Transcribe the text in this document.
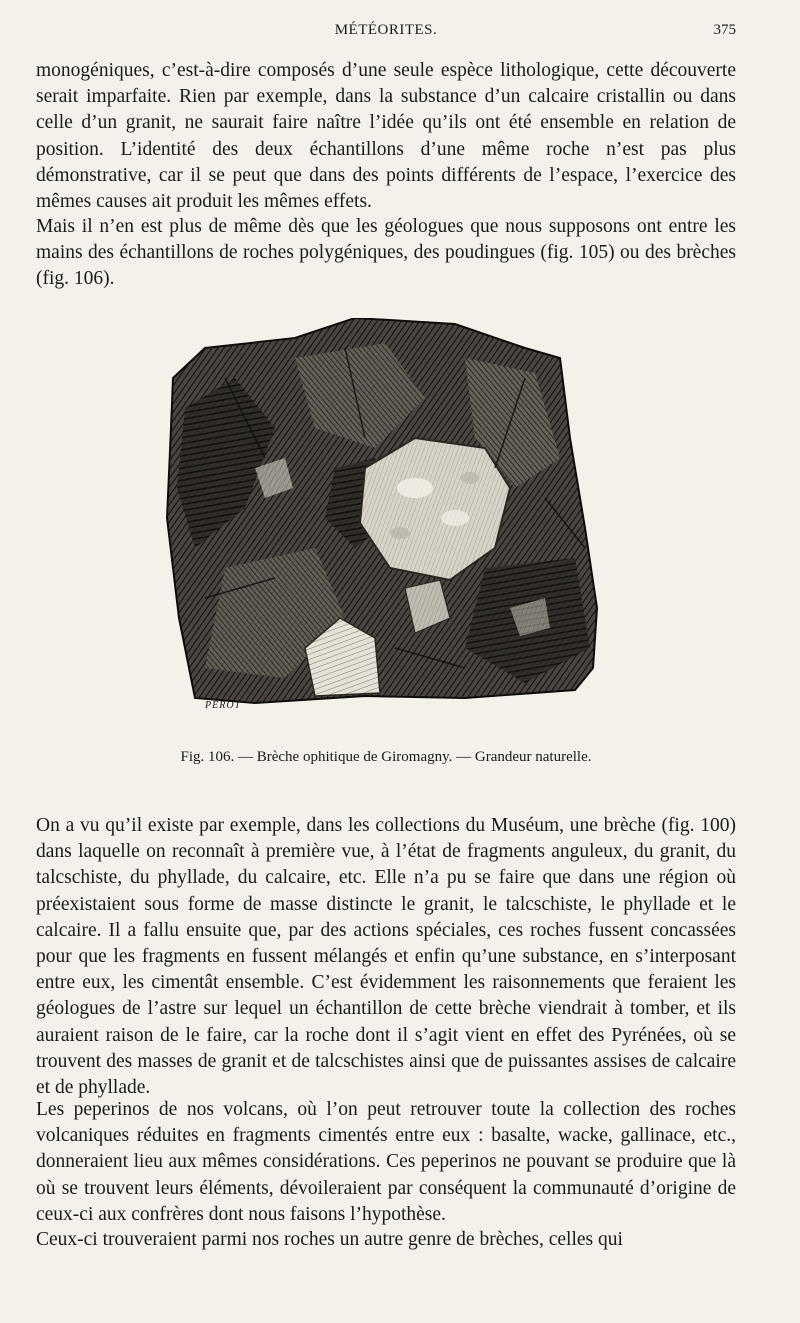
MÉTÉORITES.	375

monogéniques, c’est-à-dire composés d’une seule espèce lithologique, cette découverte serait imparfaite. Rien par exemple, dans la substance d’un calcaire cristallin ou dans celle d’un granit, ne saurait faire naître l’idée qu’ils ont été ensemble en relation de position. L’identité des deux échantillons d’une même roche n’est pas plus démonstrative, car il se peut que dans des points différents de l’espace, l’exercice des mêmes causes ait produit les mêmes effets.

Mais il n’en est plus de même dès que les géologues que nous supposons ont entre les mains des échantillons de roches polygéniques, des poudingues (fig. 105) ou des brèches (fig. 106).

PEROT
Fig. 106. — Brèche ophitique de Giromagny. — Grandeur naturelle.

On a vu qu’il existe par exemple, dans les collections du Muséum, une brèche (fig. 100) dans laquelle on reconnaît à première vue, à l’état de fragments anguleux, du granit, du talcschiste, du phyllade, du calcaire, etc. Elle n’a pu se faire que dans une région où préexistaient sous forme de masse distincte le granit, le talcschiste, le phyllade et le calcaire. Il a fallu ensuite que, par des actions spéciales, ces roches fussent concassées pour que les fragments en fussent mélangés et enfin qu’une substance, en s’interposant entre eux, les cimentât ensemble. C’est évidemment les raisonnements que feraient les géologues de l’astre sur lequel un échantillon de cette brèche viendrait à tomber, et ils auraient raison de le faire, car la roche dont il s’agit vient en effet des Pyrénées, où se trouvent des masses de granit et de talcschistes ainsi que de puissantes assises de calcaire et de phyllade.

Les peperinos de nos volcans, où l’on peut retrouver toute la collection des roches volcaniques réduites en fragments cimentés entre eux : basalte, wacke, gallinace, etc., donneraient lieu aux mêmes considérations. Ces peperinos ne pouvant se produire que là où se trouvent leurs éléments, dévoileraient par conséquent la communauté d’origine de ceux-ci aux confrères dont nous faisons l’hypothèse.

Ceux-ci trouveraient parmi nos roches un autre genre de brèches, celles qui
